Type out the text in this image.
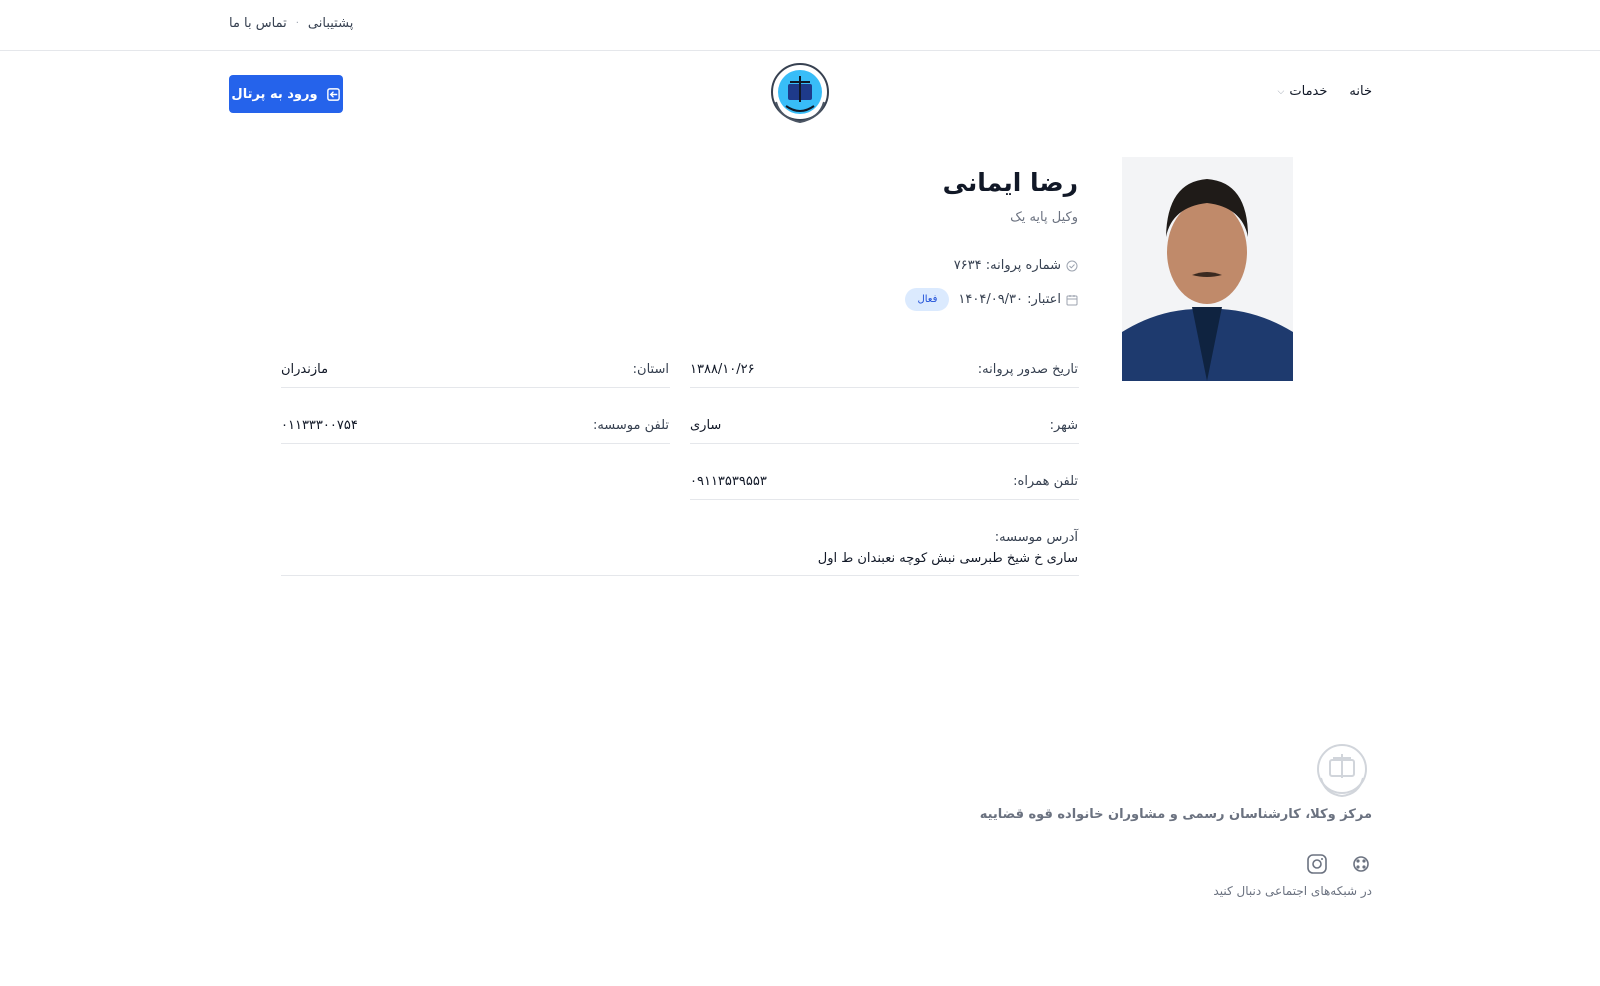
تماس با ما · پشتیبانی
خانه
خدمات
⌵
ورود به پرتال
رضا ایمانی
وکیل پایه یک
شماره پروانه: ۷۶۳۴
اعتبار: ۱۴۰۴/۰۹/۳۰
فعال
تاریخ صدور پروانه:
۱۳۸۸/۱۰/۲۶
استان:
مازندران
شهر:
ساری
تلفن موسسه:
۰۱۱۳۳۳۰۰۷۵۴
تلفن همراه:
۰۹۱۱۳۵۳۹۵۵۳
آدرس موسسه:
ساری خ شیخ طبرسی نبش کوچه نعبندان ط اول
مرکز وکلا، کارشناسان رسمی و مشاوران خانواده قوه قضاییه
در شبکه‌های اجتماعی دنبال کنید
